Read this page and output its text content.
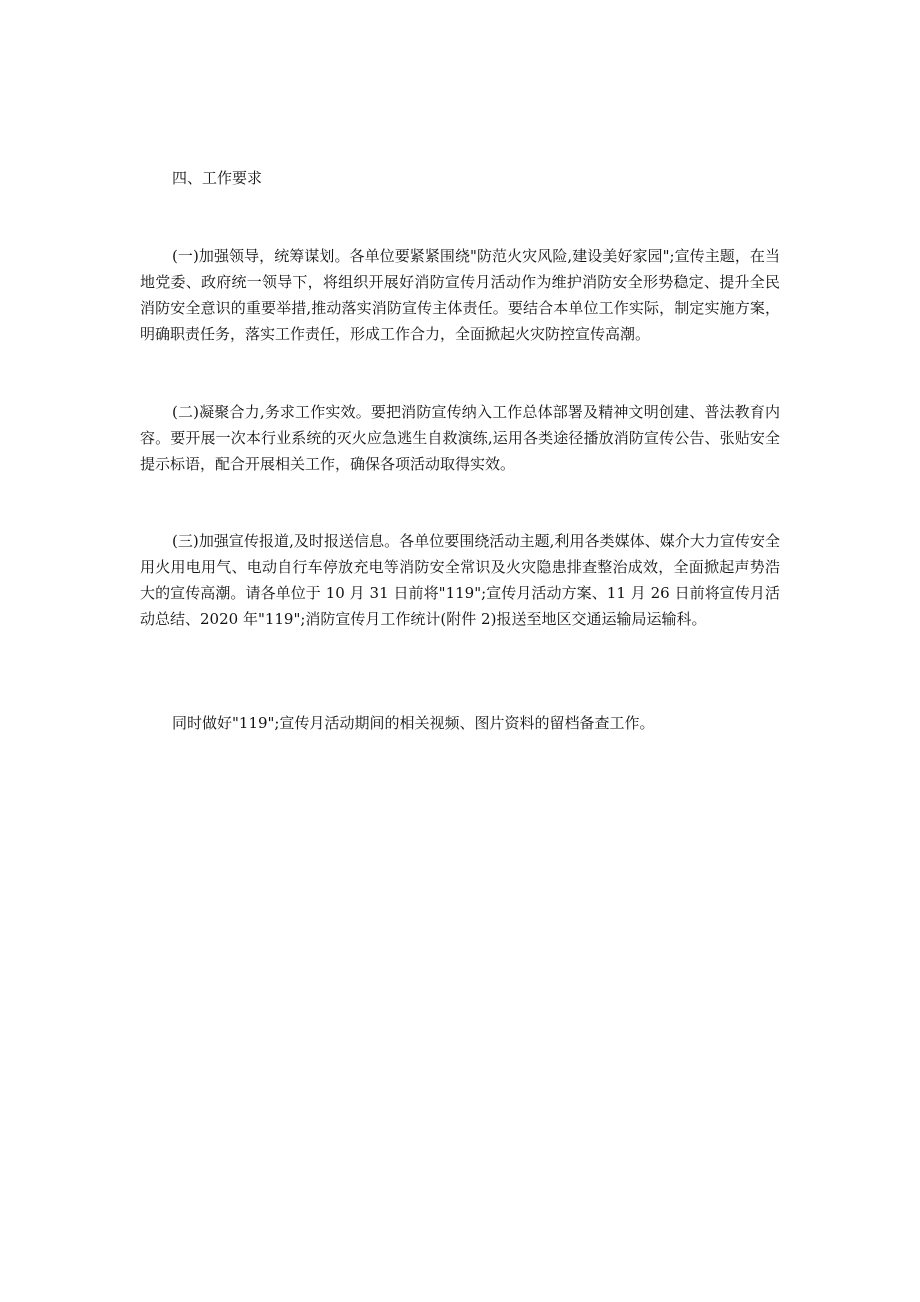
四、工作要求

(一)加强领导，统筹谋划。各单位要紧紧围绕"防范火灾风险,建设美好家园";宣传主题，在当地党委、政府统一领导下，将组织开展好消防宣传月活动作为维护消防安全形势稳定、提升全民消防安全意识的重要举措,推动落实消防宣传主体责任。要结合本单位工作实际，制定实施方案，明确职责任务，落实工作责任，形成工作合力，全面掀起火灾防控宣传高潮。

(二)凝聚合力,务求工作实效。要把消防宣传纳入工作总体部署及精神文明创建、普法教育内容。要开展一次本行业系统的灭火应急逃生自救演练,运用各类途径播放消防宣传公告、张贴安全提示标语，配合开展相关工作，确保各项活动取得实效。

(三)加强宣传报道,及时报送信息。各单位要围绕活动主题,利用各类媒体、媒介大力宣传安全用火用电用气、电动自行车停放充电等消防安全常识及火灾隐患排查整治成效，全面掀起声势浩大的宣传高潮。请各单位于 10 月 31 日前将"119";宣传月活动方案、11 月 26 日前将宣传月活动总结、2020 年"119";消防宣传月工作统计(附件 2)报送至地区交通运输局运输科。

同时做好"119";宣传月活动期间的相关视频、图片资料的留档备查工作。
